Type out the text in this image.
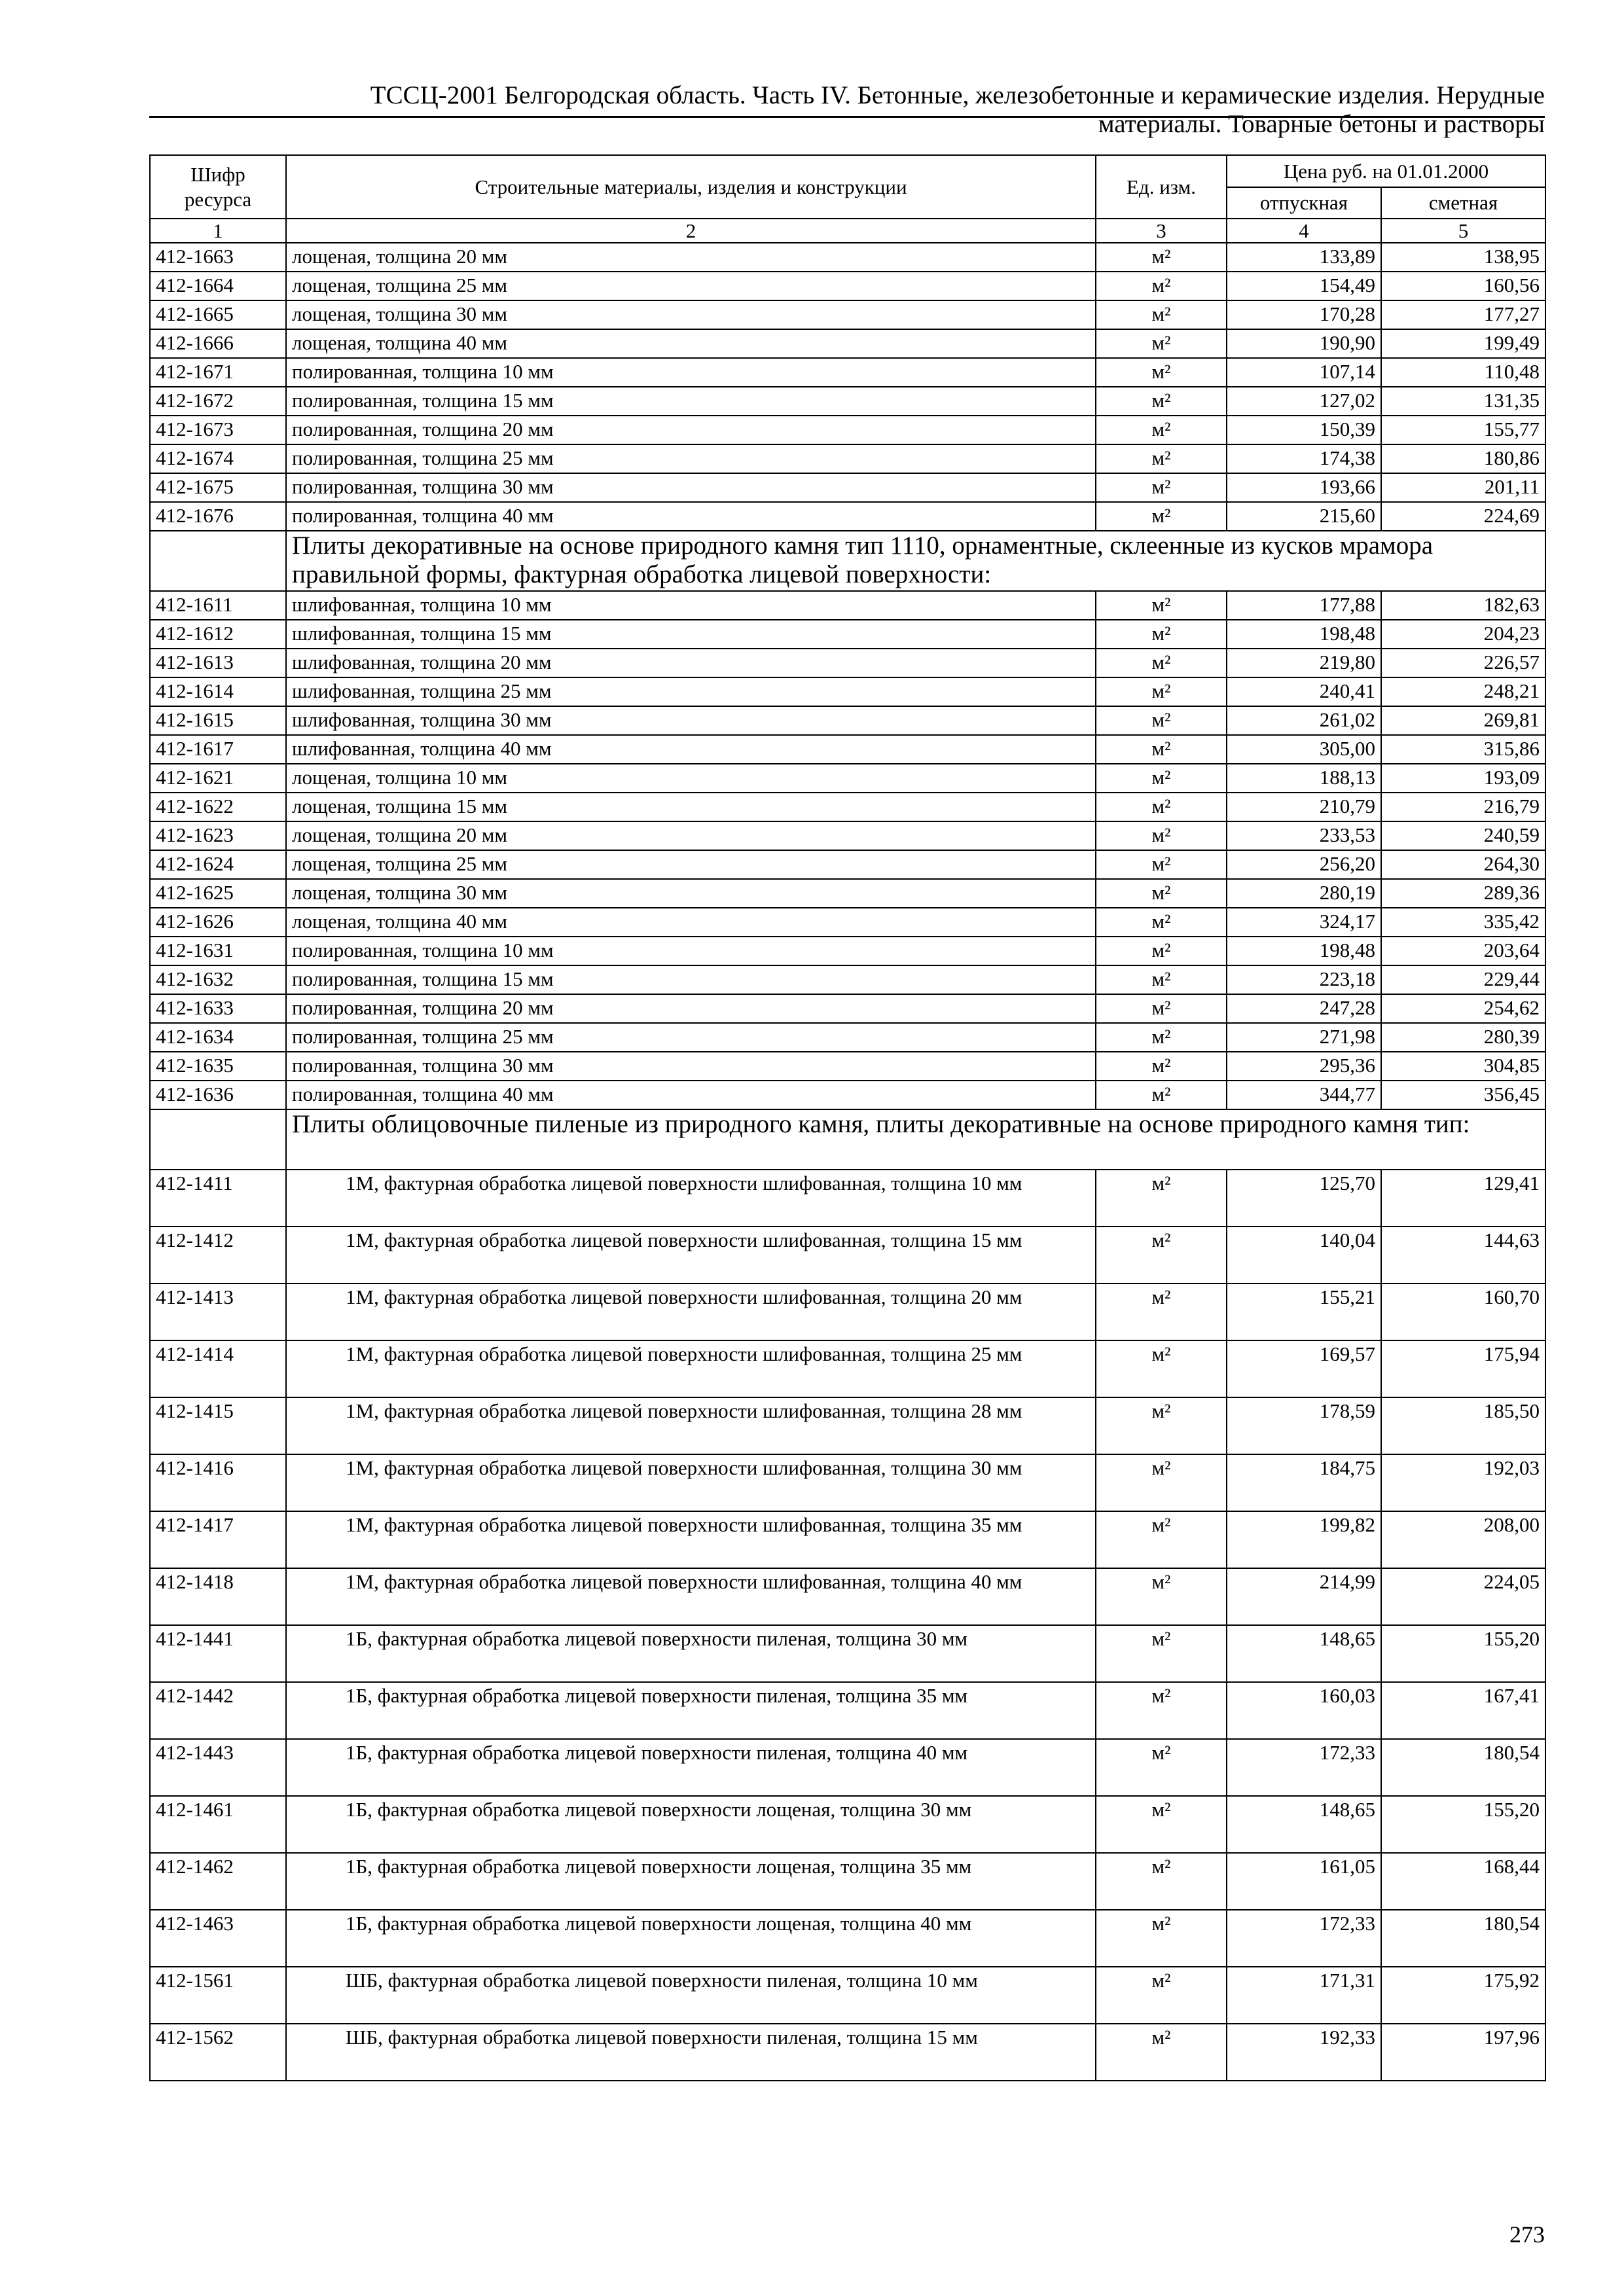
ТССЦ-2001 Белгородская область. Часть IV. Бетонные, железобетонные и керамические изделия. Нерудные
материалы. Товарные бетоны и растворы
Шифр ресурса	Строительные материалы, изделия и конструкции	Ед. изм.	Цена руб. на 01.01.2000	
			отпускная	сметная
1	2	3	4	5
412-1663	лощеная, толщина 20 мм	м²	133,89	138,95
412-1664	лощеная, толщина 25 мм	м²	154,49	160,56
412-1665	лощеная, толщина 30 мм	м²	170,28	177,27
412-1666	лощеная, толщина 40 мм	м²	190,90	199,49
412-1671	полированная, толщина 10 мм	м²	107,14	110,48
412-1672	полированная, толщина 15 мм	м²	127,02	131,35
412-1673	полированная, толщина 20 мм	м²	150,39	155,77
412-1674	полированная, толщина 25 мм	м²	174,38	180,86
412-1675	полированная, толщина 30 мм	м²	193,66	201,11
412-1676	полированная, толщина 40 мм	м²	215,60	224,69
	Плиты декоративные на основе природного камня тип 1110, орнаментные, склеенные из кусков мрамора правильной формы, фактурная обработка лицевой поверхности:			
412-1611	шлифованная, толщина 10 мм	м²	177,88	182,63
412-1612	шлифованная, толщина 15 мм	м²	198,48	204,23
412-1613	шлифованная, толщина 20 мм	м²	219,80	226,57
412-1614	шлифованная, толщина 25 мм	м²	240,41	248,21
412-1615	шлифованная, толщина 30 мм	м²	261,02	269,81
412-1617	шлифованная, толщина 40 мм	м²	305,00	315,86
412-1621	лощеная, толщина 10 мм	м²	188,13	193,09
412-1622	лощеная, толщина 15 мм	м²	210,79	216,79
412-1623	лощеная, толщина 20 мм	м²	233,53	240,59
412-1624	лощеная, толщина 25 мм	м²	256,20	264,30
412-1625	лощеная, толщина 30 мм	м²	280,19	289,36
412-1626	лощеная, толщина 40 мм	м²	324,17	335,42
412-1631	полированная, толщина 10 мм	м²	198,48	203,64
412-1632	полированная, толщина 15 мм	м²	223,18	229,44
412-1633	полированная, толщина 20 мм	м²	247,28	254,62
412-1634	полированная, толщина 25 мм	м²	271,98	280,39
412-1635	полированная, толщина 30 мм	м²	295,36	304,85
412-1636	полированная, толщина 40 мм	м²	344,77	356,45
	Плиты облицовочные пиленые из природного камня, плиты декоративные на основе природного камня тип:			
412-1411	1М, фактурная обработка лицевой поверхности шлифованная, толщина 10 мм	м²	125,70	129,41
412-1412	1М, фактурная обработка лицевой поверхности шлифованная, толщина 15 мм	м²	140,04	144,63
412-1413	1М, фактурная обработка лицевой поверхности шлифованная, толщина 20 мм	м²	155,21	160,70
412-1414	1М, фактурная обработка лицевой поверхности шлифованная, толщина 25 мм	м²	169,57	175,94
412-1415	1М, фактурная обработка лицевой поверхности шлифованная, толщина 28 мм	м²	178,59	185,50
412-1416	1М, фактурная обработка лицевой поверхности шлифованная, толщина 30 мм	м²	184,75	192,03
412-1417	1М, фактурная обработка лицевой поверхности шлифованная, толщина 35 мм	м²	199,82	208,00
412-1418	1М, фактурная обработка лицевой поверхности шлифованная, толщина 40 мм	м²	214,99	224,05
412-1441	1Б, фактурная обработка лицевой поверхности пиленая, толщина 30 мм	м²	148,65	155,20
412-1442	1Б, фактурная обработка лицевой поверхности пиленая, толщина 35 мм	м²	160,03	167,41
412-1443	1Б, фактурная обработка лицевой поверхности пиленая, толщина 40 мм	м²	172,33	180,54
412-1461	1Б, фактурная обработка лицевой поверхности лощеная, толщина 30 мм	м²	148,65	155,20
412-1462	1Б, фактурная обработка лицевой поверхности лощеная, толщина 35 мм	м²	161,05	168,44
412-1463	1Б, фактурная обработка лицевой поверхности лощеная, толщина 40 мм	м²	172,33	180,54
412-1561	ШБ, фактурная обработка лицевой поверхности пиленая, толщина 10 мм	м²	171,31	175,92
412-1562	ШБ, фактурная обработка лицевой поверхности пиленая, толщина 15 мм	м²	192,33	197,96
273
